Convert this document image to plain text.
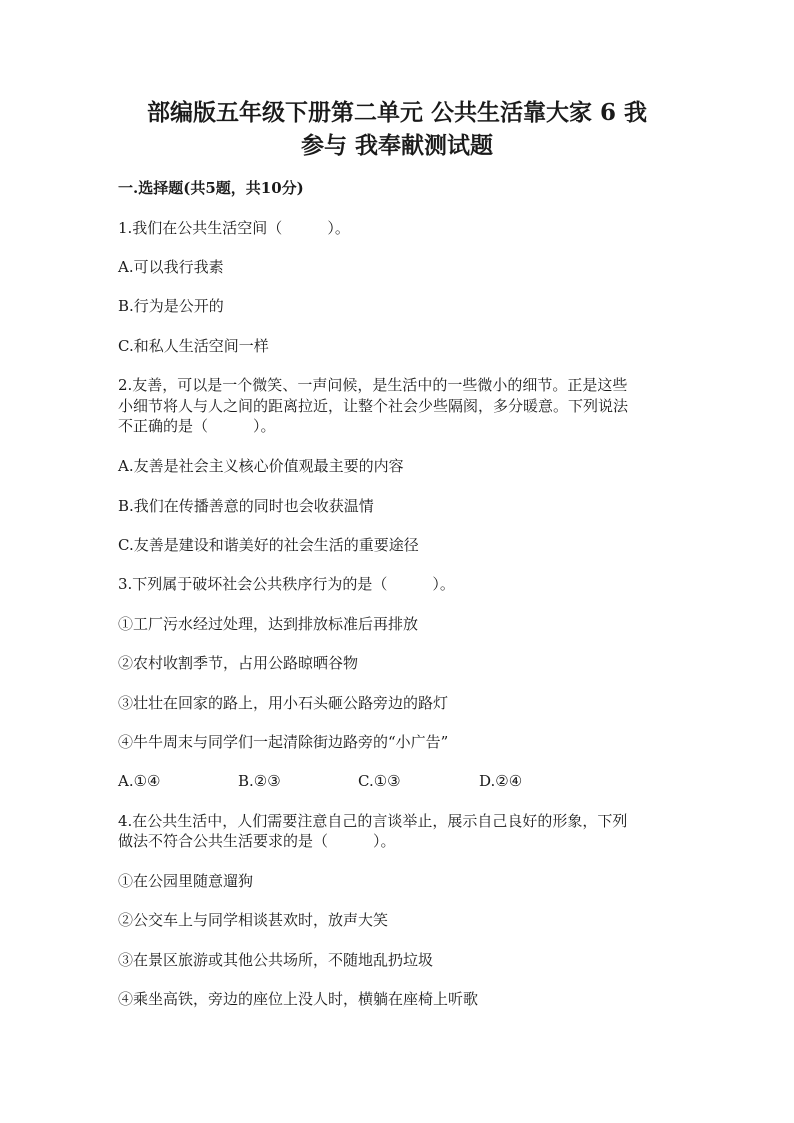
部编版五年级下册第二单元 公共生活靠大家 6 我
参与 我奉献测试题

一.选择题(共5题，共10分)

1.我们在公共生活空间（　　　）。

A.可以我行我素

B.行为是公开的

C.和私人生活空间一样

2.友善，可以是一个微笑、一声问候，是生活中的一些微小的细节。正是这些

小细节将人与人之间的距离拉近，让整个社会少些隔阂，多分暖意。下列说法

不正确的是（　　　）。

A.友善是社会主义核心价值观最主要的内容

B.我们在传播善意的同时也会收获温情

C.友善是建设和谐美好的社会生活的重要途径

3.下列属于破坏社会公共秩序行为的是（　　　）。

①工厂污水经过处理，达到排放标准后再排放

②农村收割季节，占用公路晾晒谷物

③壮壮在回家的路上，用小石头砸公路旁边的路灯

④牛牛周末与同学们一起清除街边路旁的“小广告”

A.①④	B.②③	C.①③	D.②④

4.在公共生活中，人们需要注意自己的言谈举止，展示自己良好的形象，下列

做法不符合公共生活要求的是（　　　）。

①在公园里随意遛狗

②公交车上与同学相谈甚欢时，放声大笑

③在景区旅游或其他公共场所，不随地乱扔垃圾

④乘坐高铁，旁边的座位上没人时，横躺在座椅上听歌
